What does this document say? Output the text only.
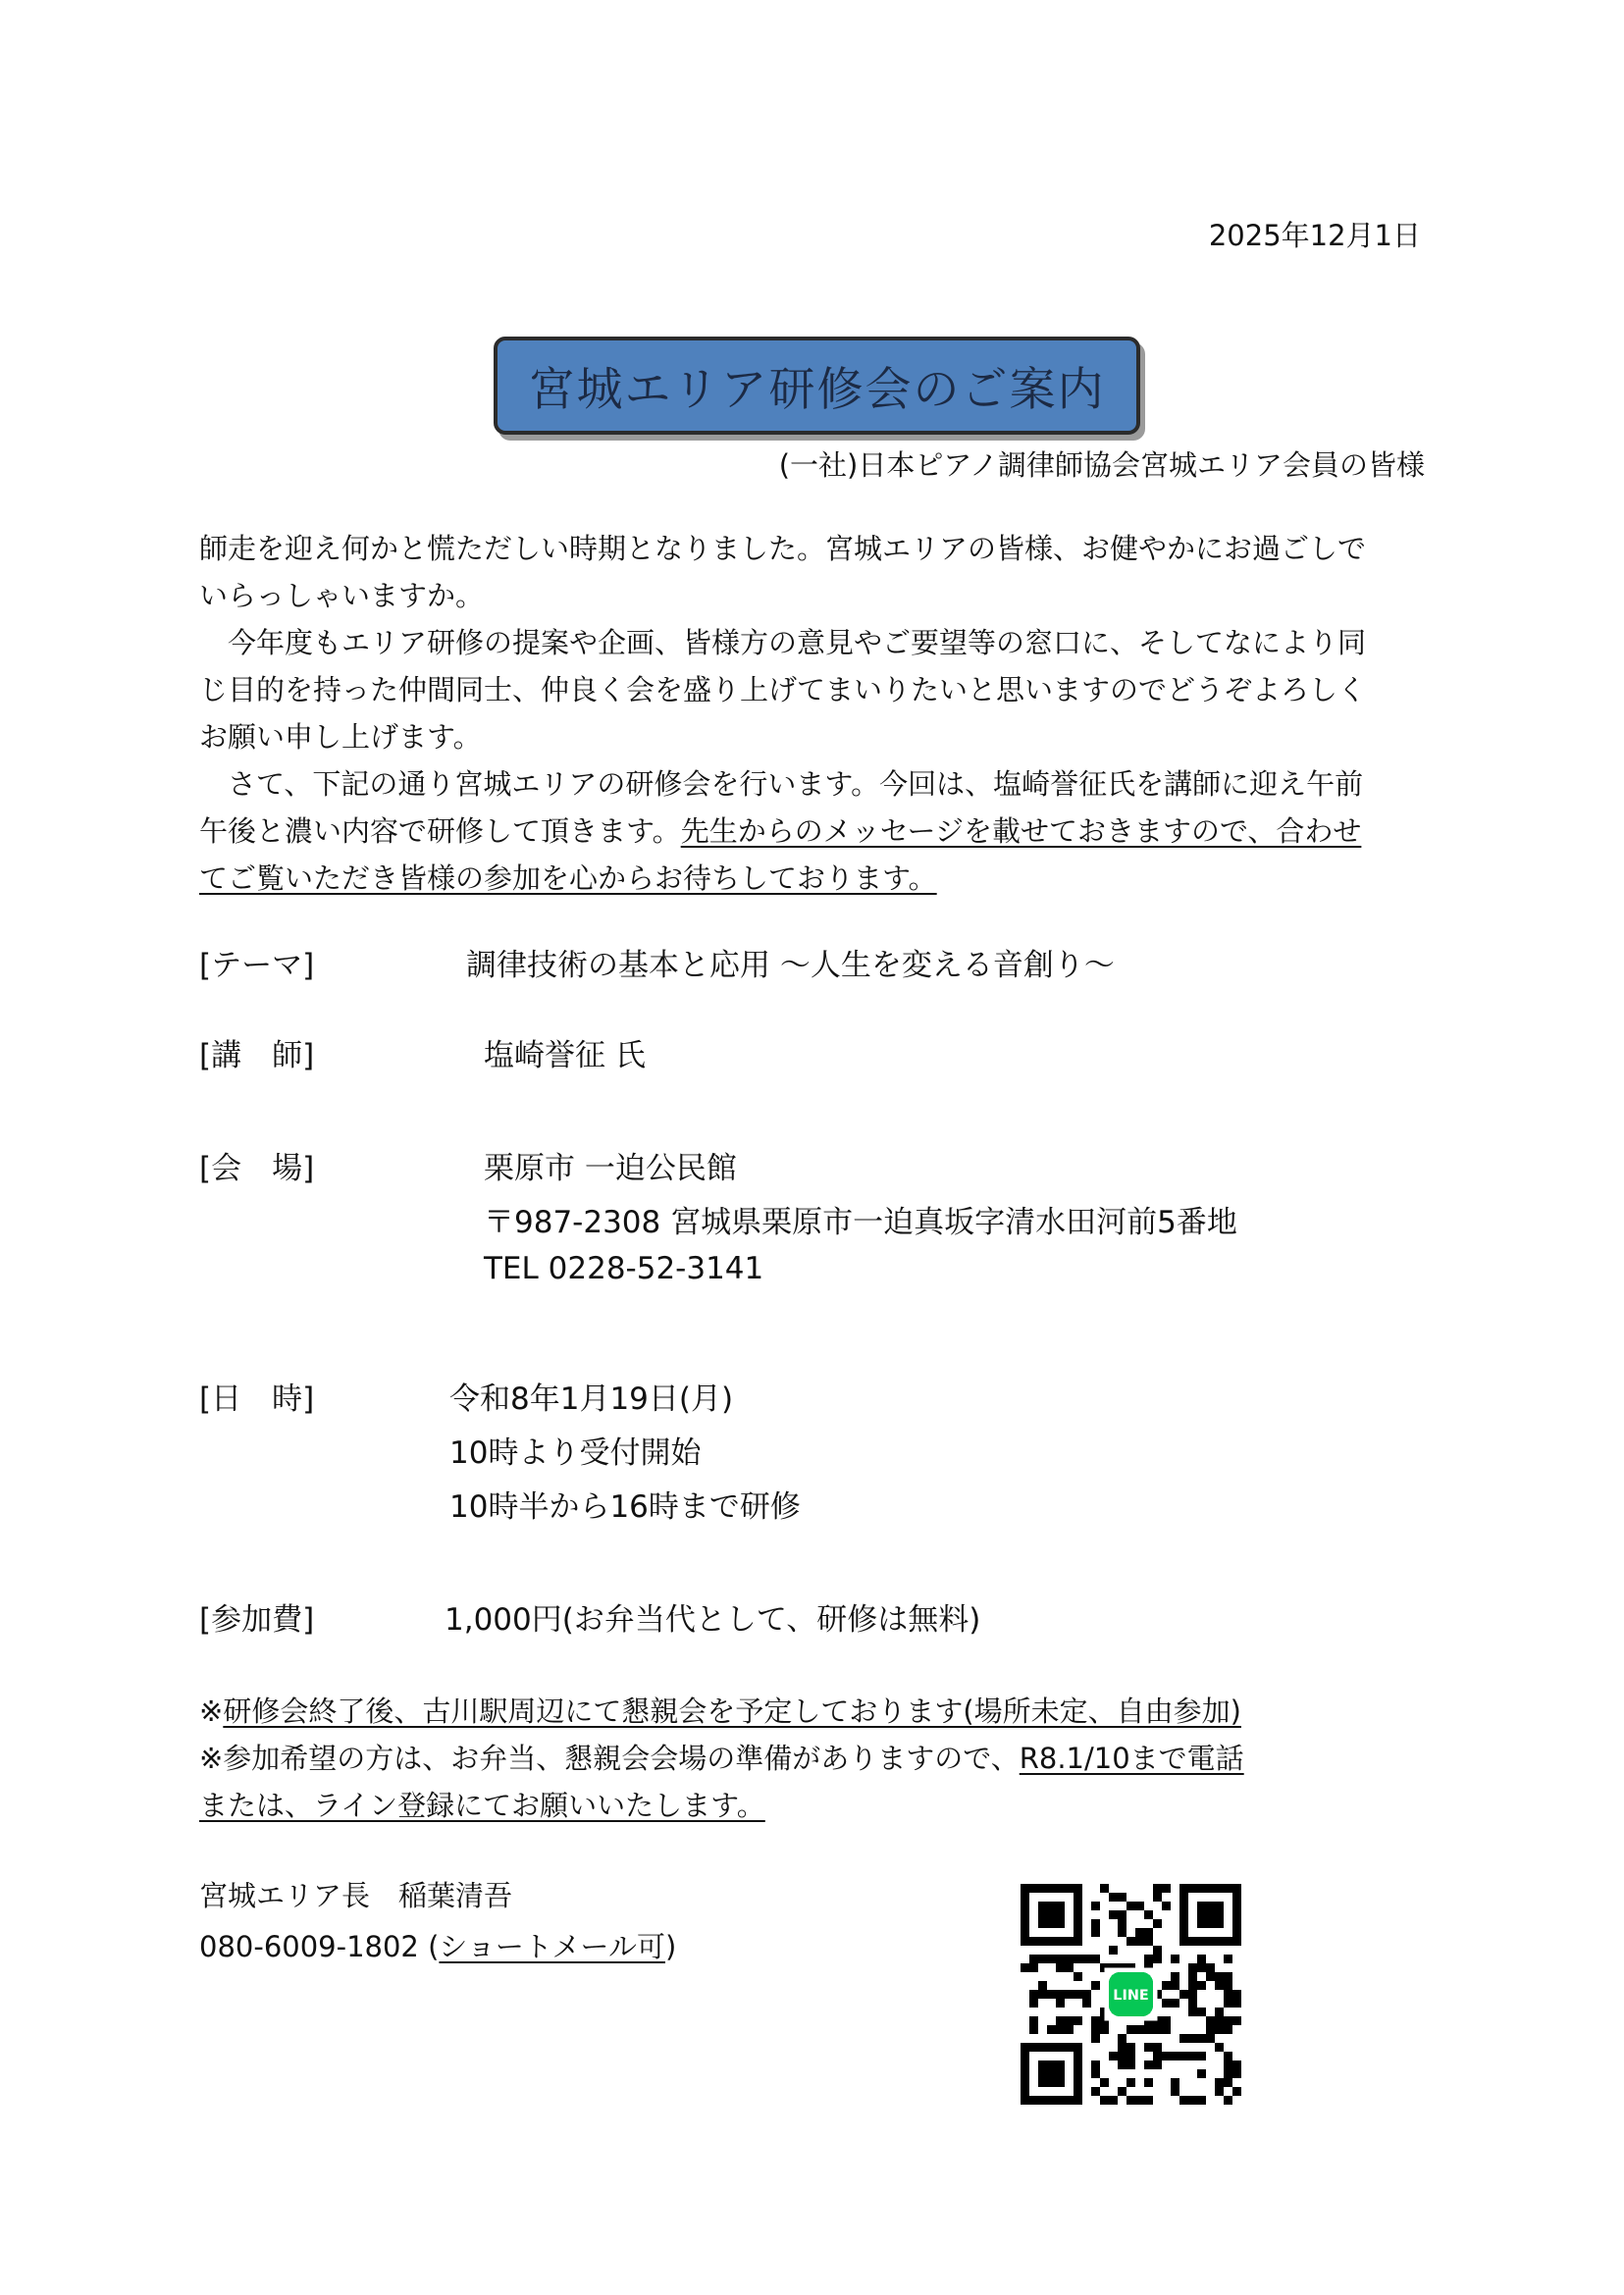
2025年12月1日
宮城エリア研修会のご案内
(一社)日本ピアノ調律師協会宮城エリア会員の皆様

師走を迎え何かと慌ただしい時期となりました。宮城エリアの皆様、お健やかにお過ごしで

いらっしゃいますか。

　今年度もエリア研修の提案や企画、皆様方の意見やご要望等の窓口に、そしてなにより同

じ目的を持った仲間同士、仲良く会を盛り上げてまいりたいと思いますのでどうぞよろしく

お願い申し上げます。

　さて、下記の通り宮城エリアの研修会を行います。今回は、塩崎誉征氏を講師に迎え午前

午後と濃い内容で研修して頂きます。先生からのメッセージを載せておきますので、合わせ

てご覧いただき皆様の参加を心からお待ちしております。

[テーマ]	調律技術の基本と応用 ～人生を変える音創り～
[講　師]	塩崎誉征 氏
[会　場]	栗原市 一迫公民館
〒987-2308 宮城県栗原市一迫真坂字清水田河前5番地
TEL 0228-52-3141
[日　時]	令和8年1月19日(月)
10時より受付開始
10時半から16時まで研修
[参加費]	1,000円(お弁当代として、研修は無料)

※研修会終了後、古川駅周辺にて懇親会を予定しております(場所未定、自由参加)

※参加希望の方は、お弁当、懇親会会場の準備がありますので、R8.1/10まで電話

または、ライン登録にてお願いいたします。

宮城エリア長　稲葉清吾
080-6009-1802 (ショートメール可)
LINE
